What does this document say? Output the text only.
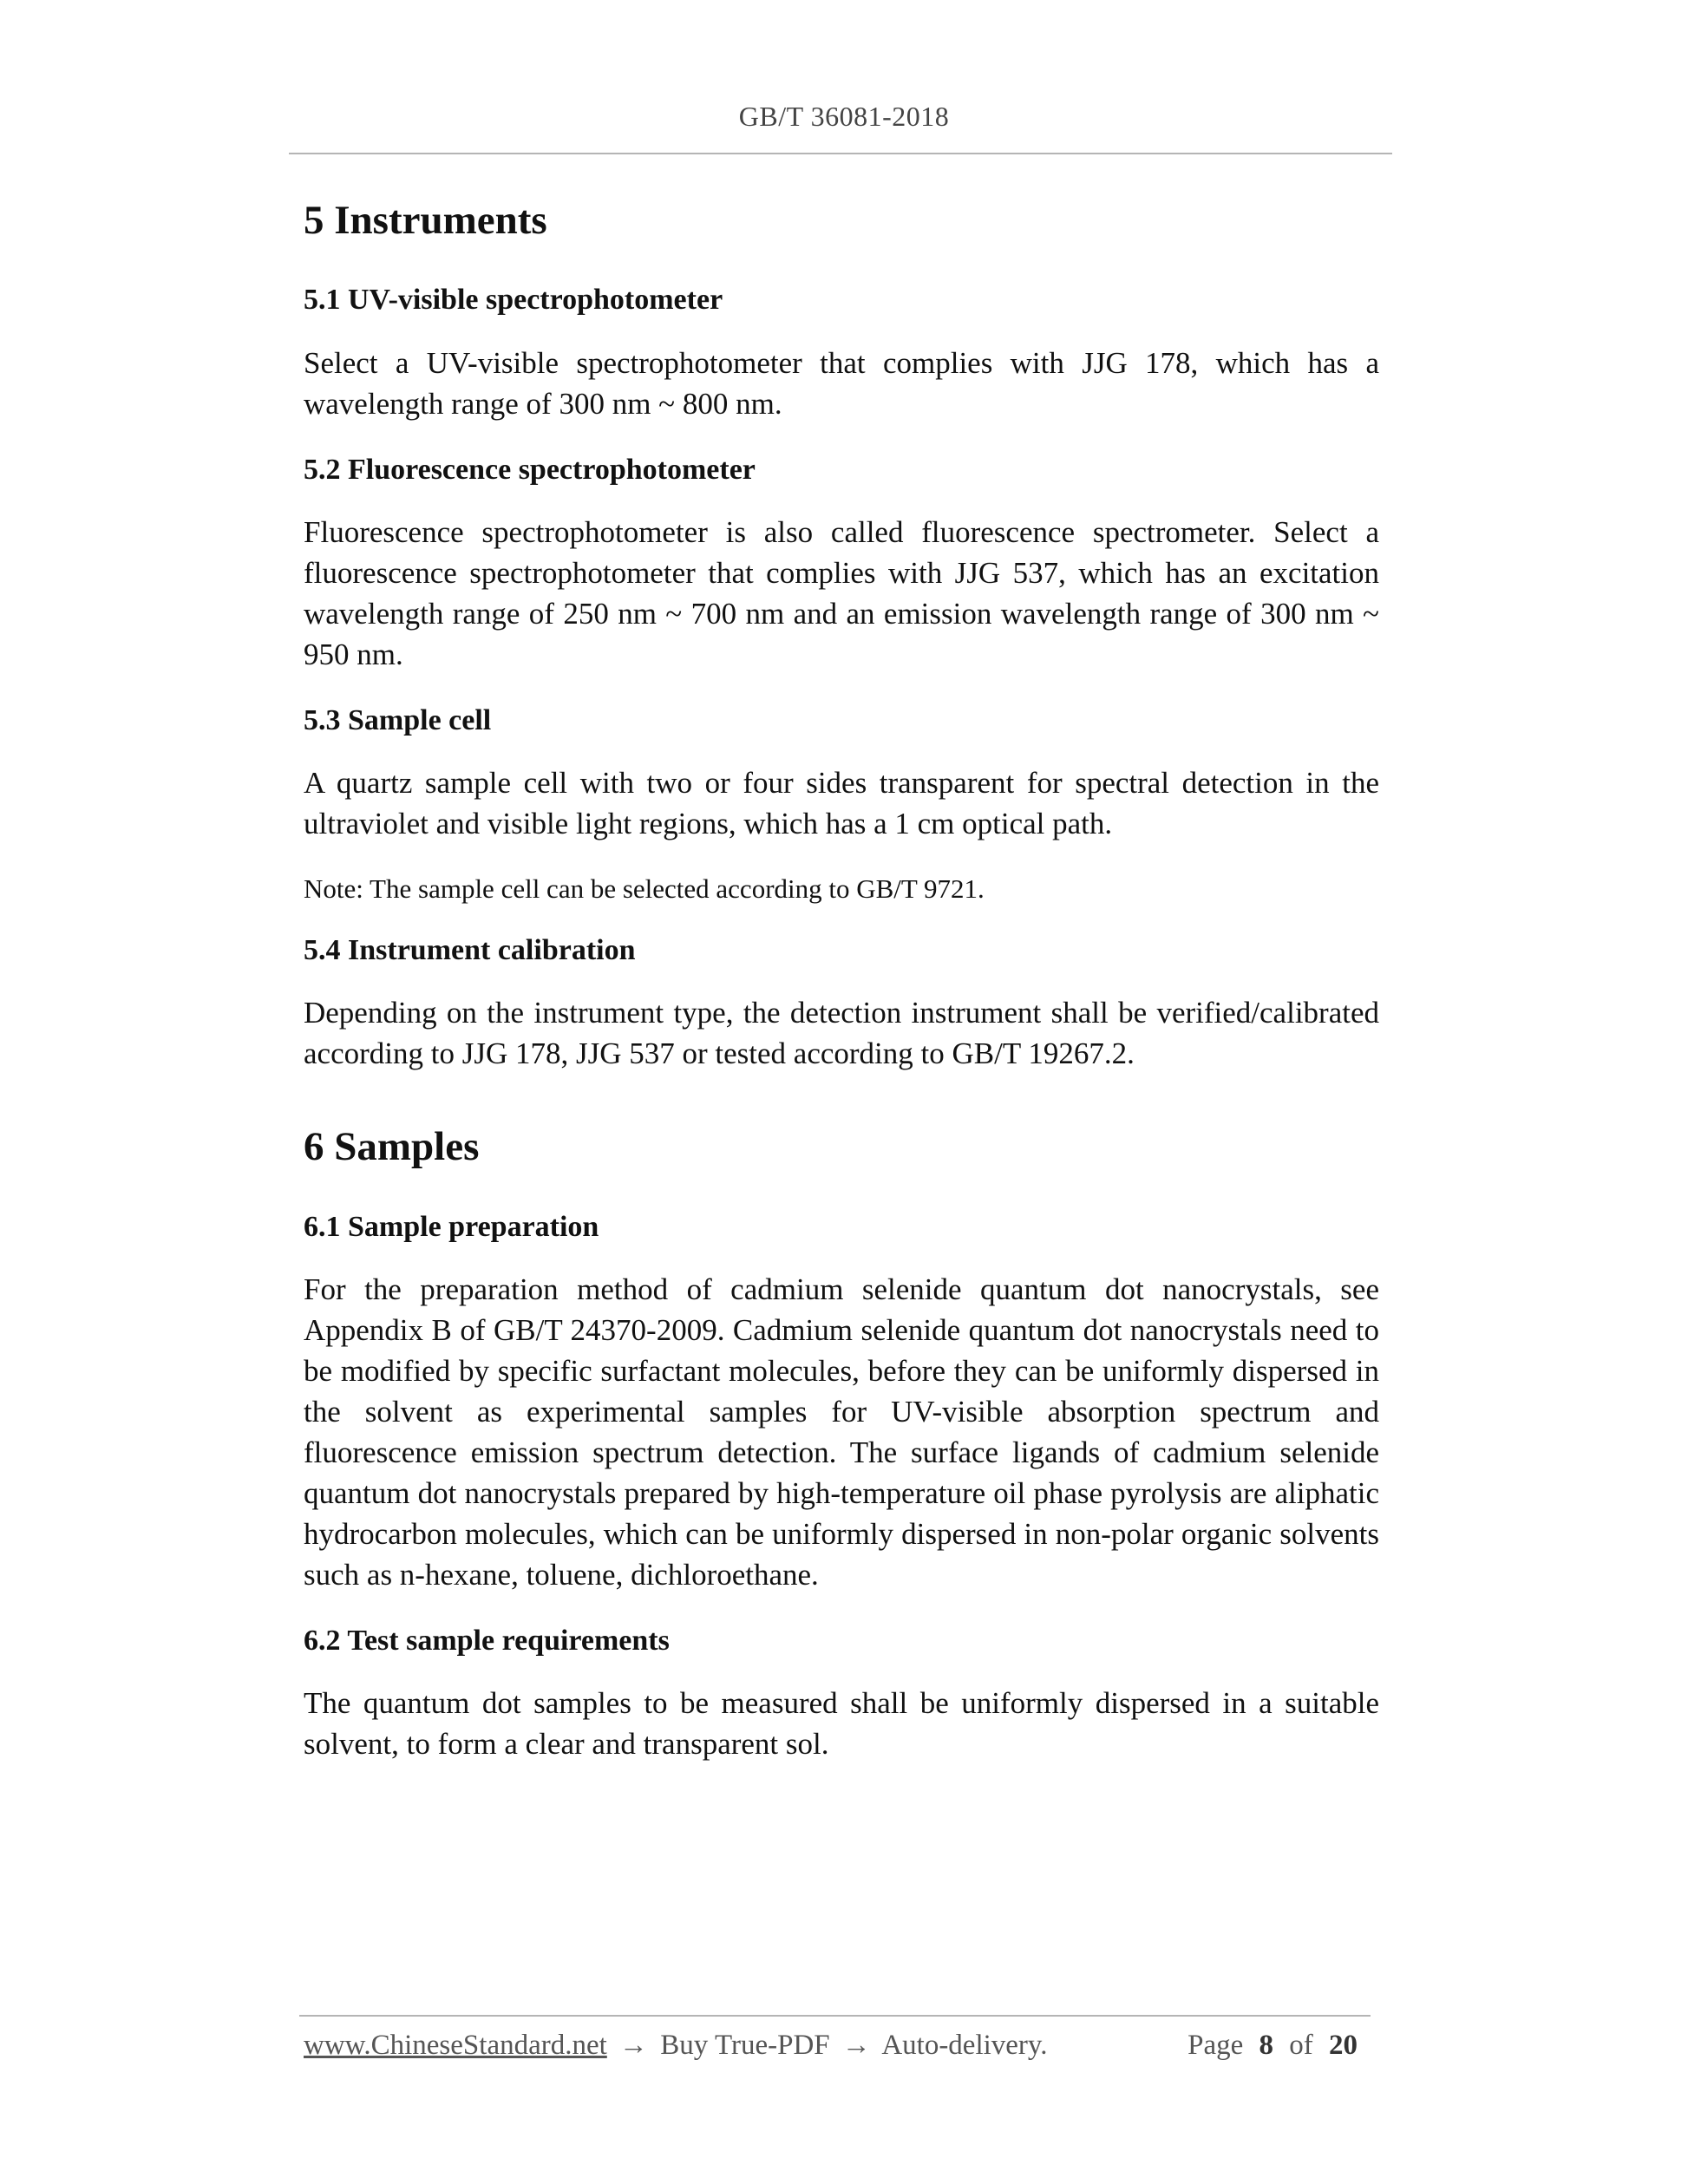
GB/T 36081-2018
5 Instruments
5.1 UV-visible spectrophotometer

Select a UV-visible spectrophotometer that complies with JJG 178, which has a wavelength range of 300 nm ~ 800 nm.

5.2 Fluorescence spectrophotometer

Fluorescence spectrophotometer is also called fluorescence spectrometer. Select a fluorescence spectrophotometer that complies with JJG 537, which has an excitation wavelength range of 250 nm ~ 700 nm and an emission wavelength range of 300 nm ~ 950 nm.

5.3 Sample cell

A quartz sample cell with two or four sides transparent for spectral detection in the ultraviolet and visible light regions, which has a 1 cm optical path.

Note: The sample cell can be selected according to GB/T 9721.

5.4 Instrument calibration

Depending on the instrument type, the detection instrument shall be verified/calibrated according to JJG 178, JJG 537 or tested according to GB/T 19267.2.

6 Samples
6.1 Sample preparation

For the preparation method of cadmium selenide quantum dot nanocrystals, see Appendix B of GB/T 24370-2009. Cadmium selenide quantum dot nanocrystals need to be modified by specific surfactant molecules, before they can be uniformly dispersed in the solvent as experimental samples for UV-visible absorption spectrum and fluorescence emission spectrum detection. The surface ligands of cadmium selenide quantum dot nanocrystals prepared by high-temperature oil phase pyrolysis are aliphatic hydrocarbon molecules, which can be uniformly dispersed in non-polar organic solvents such as n-hexane, toluene, dichloroethane.

6.2 Test sample requirements

The quantum dot samples to be measured shall be uniformly dispersed in a suitable solvent, to form a clear and transparent sol.

www.ChineseStandard.net → Buy True-PDF → Auto-delivery.	Page 8 of 20
